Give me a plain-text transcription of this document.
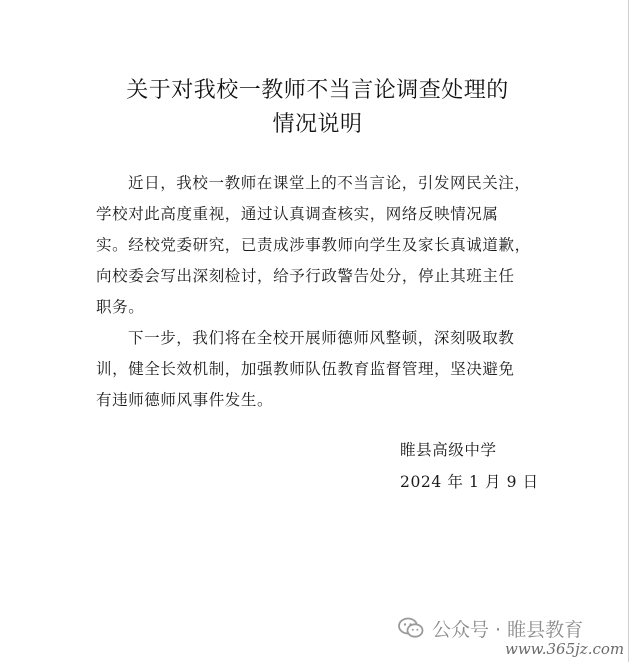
关于对我校一教师不当言论调查处理的
情况说明

近日，我校一教师在课堂上的不当言论，引发网民关注，
学校对此高度重视，通过认真调查核实，网络反映情况属
实。经校党委研究，已责成涉事教师向学生及家长真诚道歉，
向校委会写出深刻检讨，给予行政警告处分，停止其班主任
职务。

下一步，我们将在全校开展师德师风整顿，深刻吸取教
训，健全长效机制，加强教师队伍教育监督管理，坚决避免
有违师德师风事件发生。

睢县高级中学
2024 年 1 月 9 日
公众号 · 睢县教育
www.365jz.com
